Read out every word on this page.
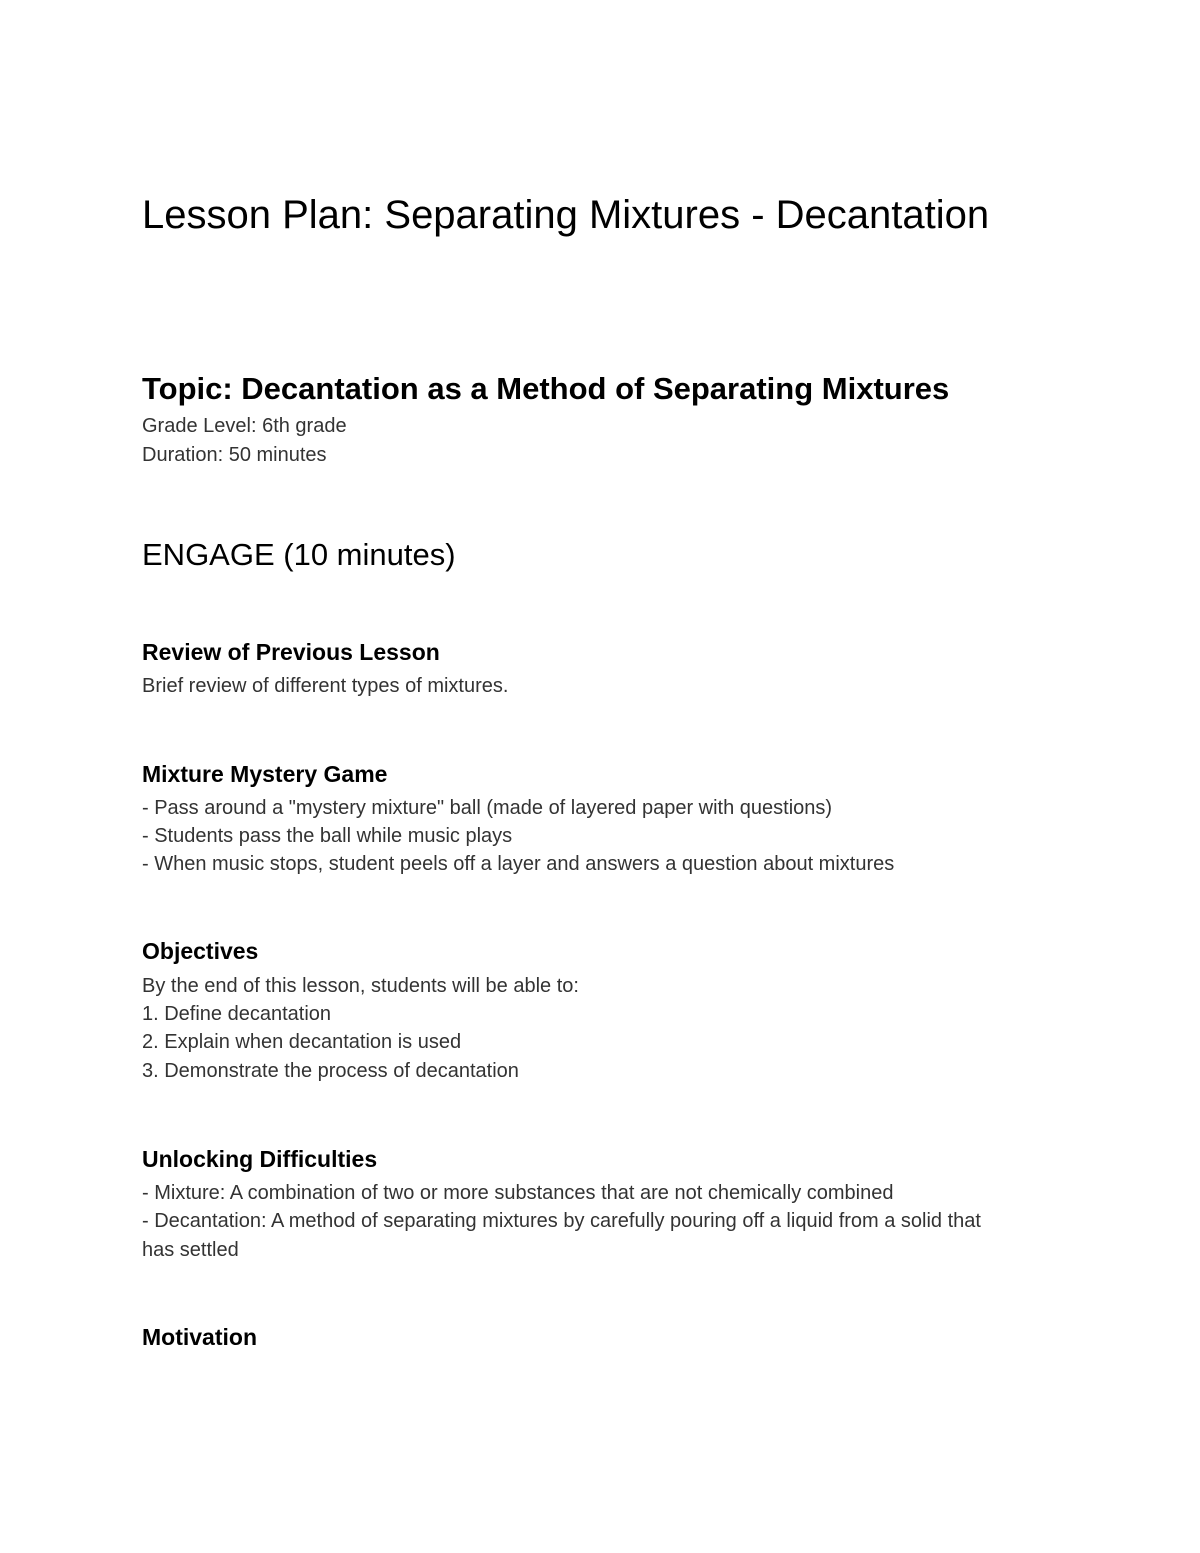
Lesson Plan: Separating Mixtures - Decantation
Topic: Decantation as a Method of Separating Mixtures

Grade Level: 6th grade

Duration: 50 minutes

ENGAGE (10 minutes)
Review of Previous Lesson

Brief review of different types of mixtures.

Mixture Mystery Game

- Pass around a "mystery mixture" ball (made of layered paper with questions)

- Students pass the ball while music plays

- When music stops, student peels off a layer and answers a question about mixtures

Objectives

By the end of this lesson, students will be able to:

1. Define decantation

2. Explain when decantation is used

3. Demonstrate the process of decantation

Unlocking Difficulties

- Mixture: A combination of two or more substances that are not chemically combined

- Decantation: A method of separating mixtures by carefully pouring off a liquid from a solid that

has settled

Motivation
